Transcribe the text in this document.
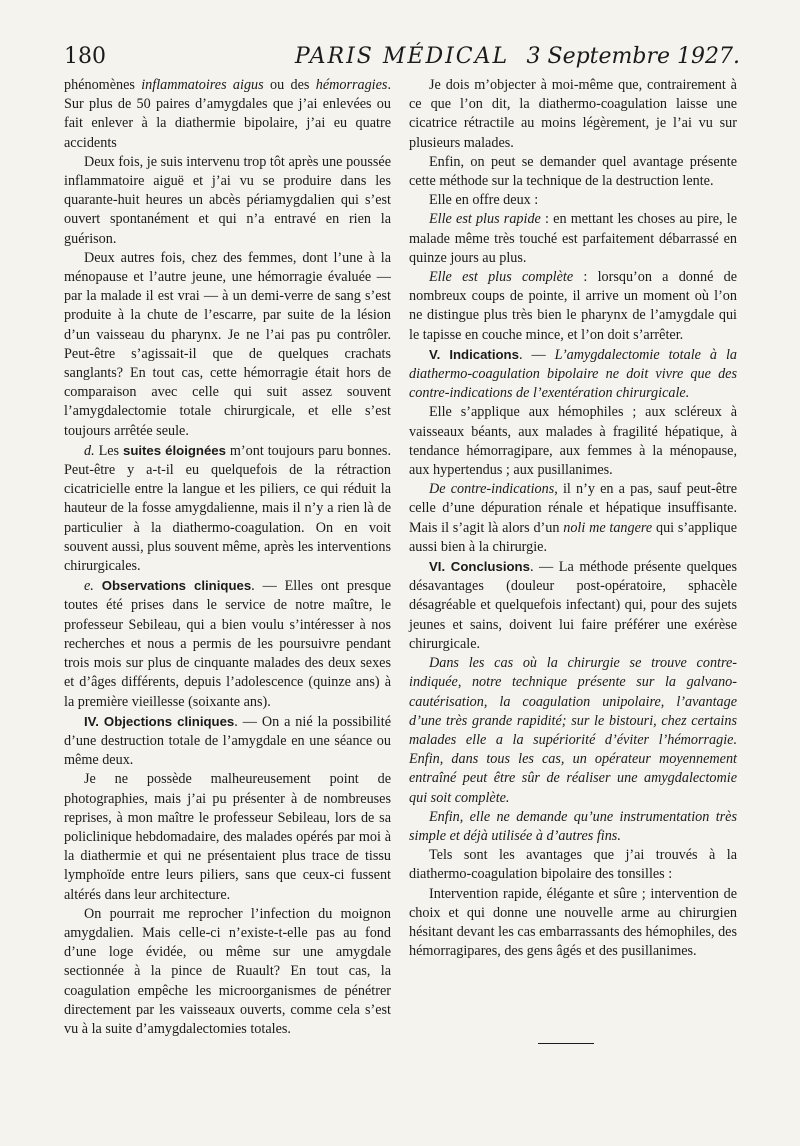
180	PARIS MÉDICAL 3 Septembre 1927.

phénomènes inflammatoires aigus ou des hémorragies. Sur plus de 50 paires d’amygdales que j’ai enlevées ou fait enlever à la diathermie bipolaire, j’ai eu quatre accidents

Deux fois, je suis intervenu trop tôt après une poussée inflammatoire aiguë et j’ai vu se produire dans les quarante-huit heures un abcès périamygdalien qui s’est ouvert spontanément et qui n’a entravé en rien la guérison.

Deux autres fois, chez des femmes, dont l’une à la ménopause et l’autre jeune, une hémorragie évaluée — par la malade il est vrai — à un demi-verre de sang s’est produite à la chute de l’escarre, par suite de la lésion d’un vaisseau du pharynx. Je ne l’ai pas pu contrôler. Peut-être s’agissait-il que de quelques crachats sanglants? En tout cas, cette hémorragie était hors de comparaison avec celle qui suit assez souvent l’amygdalectomie totale chirurgicale, et elle s’est toujours arrêtée seule.

d. Les suites éloignées m’ont toujours paru bonnes. Peut-être y a-t-il eu quelquefois de la rétraction cicatricielle entre la langue et les piliers, ce qui réduit la hauteur de la fosse amygdalienne, mais il n’y a rien là de particulier à la diathermo-coagulation. On en voit souvent aussi, plus souvent même, après les interventions chirurgicales.

e. Observations cliniques. — Elles ont presque toutes été prises dans le service de notre maître, le professeur Sebileau, qui a bien voulu s’intéresser à nos recherches et nous a permis de les poursuivre pendant trois mois sur plus de cinquante malades des deux sexes et d’âges différents, depuis l’adolescence (quinze ans) à la première vieillesse (soixante ans).

IV. Objections cliniques. — On a nié la possibilité d’une destruction totale de l’amygdale en une séance ou même deux.

Je ne possède malheureusement point de photographies, mais j’ai pu présenter à de nombreuses reprises, à mon maître le professeur Sebileau, lors de sa policlinique hebdomadaire, des malades opérés par moi à la diathermie et qui ne présentaient plus trace de tissu lymphoïde entre leurs piliers, sans que ceux-ci fussent altérés dans leur architecture.

On pourrait me reprocher l’infection du moignon amygdalien. Mais celle-ci n’existe-t-elle pas au fond d’une loge évidée, ou même sur une amygdale sectionnée à la pince de Ruault? En tout cas, la coagulation empêche les microorganismes de pénétrer directement par les vaisseaux ouverts, comme cela s’est vu à la suite d’amygdalectomies totales.

Je dois m’objecter à moi-même que, contrairement à ce que l’on dit, la diathermo-coagulation laisse une cicatrice rétractile au moins légèrement, je l’ai vu sur plusieurs malades.

Enfin, on peut se demander quel avantage présente cette méthode sur la technique de la destruction lente.

Elle en offre deux :

Elle est plus rapide : en mettant les choses au pire, le malade même très touché est parfaitement débarrassé en quinze jours au plus.

Elle est plus complète : lorsqu’on a donné de nombreux coups de pointe, il arrive un moment où l’on ne distingue plus très bien le pharynx de l’amygdale qui le tapisse en couche mince, et l’on doit s’arrêter.

V. Indications. — L’amygdalectomie totale à la diathermo-coagulation bipolaire ne doit vivre que des contre-indications de l’exentération chirurgicale.

Elle s’applique aux hémophiles ; aux scléreux à vaisseaux béants, aux malades à fragilité hépatique, à tendance hémorragipare, aux femmes à la ménopause, aux hypertendus ; aux pusillanimes.

De contre-indications, il n’y en a pas, sauf peut-être celle d’une dépuration rénale et hépatique insuffisante. Mais il s’agit là alors d’un noli me tangere qui s’applique aussi bien à la chirurgie.

VI. Conclusions. — La méthode présente quelques désavantages (douleur post-opératoire, sphacèle désagréable et quelquefois infectant) qui, pour des sujets jeunes et sains, doivent lui faire préférer une exérèse chirurgicale.

Dans les cas où la chirurgie se trouve contre-indiquée, notre technique présente sur la galvano-cautérisation, la coagulation unipolaire, l’avantage d’une très grande rapidité; sur le bistouri, chez certains malades elle a la supériorité d’éviter l’hémorragie. Enfin, dans tous les cas, un opérateur moyennement entraîné peut être sûr de réaliser une amygdalectomie qui soit complète.

Enfin, elle ne demande qu’une instrumentation très simple et déjà utilisée à d’autres fins.

Tels sont les avantages que j’ai trouvés à la diathermo-coagulation bipolaire des tonsilles :

Intervention rapide, élégante et sûre ; intervention de choix et qui donne une nouvelle arme au chirurgien hésitant devant les cas embarrassants des hémophiles, des hémorragipares, des gens âgés et des pusillanimes.
